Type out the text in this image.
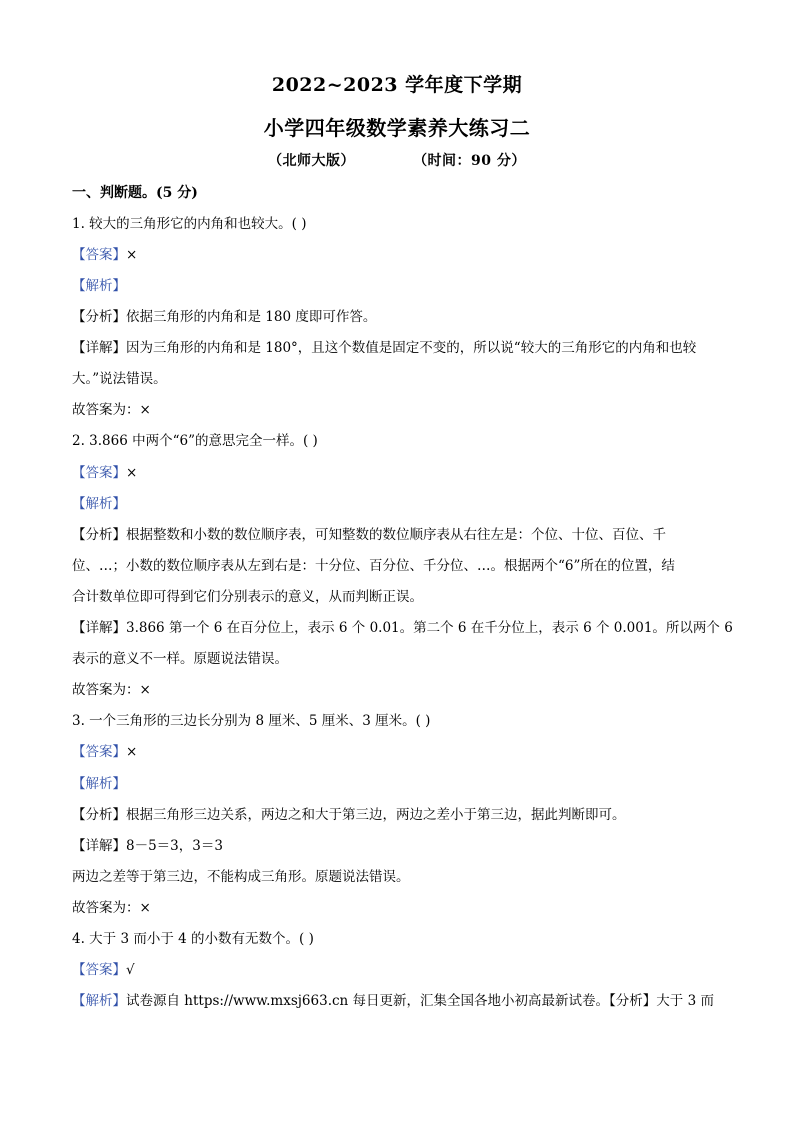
2022~2023 学年度下学期
小学四年级数学素养大练习二
（北师大版）	（时间：90 分）
一、判断题。(5 分)
1. 较大的三角形它的内角和也较大。( )
【答案】×
【解析】
【分析】依据三角形的内角和是 180 度即可作答。
【详解】因为三角形的内角和是 180°，且这个数值是固定不变的，所以说“较大的三角形它的内角和也较
大。”说法错误。
故答案为：×
2. 3.866 中两个“6”的意思完全一样。( )
【答案】×
【解析】
【分析】根据整数和小数的数位顺序表，可知整数的数位顺序表从右往左是：个位、十位、百位、千
位、…；小数的数位顺序表从左到右是：十分位、百分位、千分位、…。根据两个“6”所在的位置，结
合计数单位即可得到它们分别表示的意义，从而判断正误。
【详解】3.866 第一个 6 在百分位上，表示 6 个 0.01。第二个 6 在千分位上，表示 6 个 0.001。所以两个 6
表示的意义不一样。原题说法错误。
故答案为：×
3. 一个三角形的三边长分别为 8 厘米、5 厘米、3 厘米。( )
【答案】×
【解析】
【分析】根据三角形三边关系，两边之和大于第三边，两边之差小于第三边，据此判断即可。
【详解】8－5＝3，3＝3
两边之差等于第三边，不能构成三角形。原题说法错误。
故答案为：×
4. 大于 3 而小于 4 的小数有无数个。( )
【答案】√
【解析】试卷源自 https://www.mxsj663.cn 每日更新，汇集全国各地小初高最新试卷。【分析】大于 3 而
